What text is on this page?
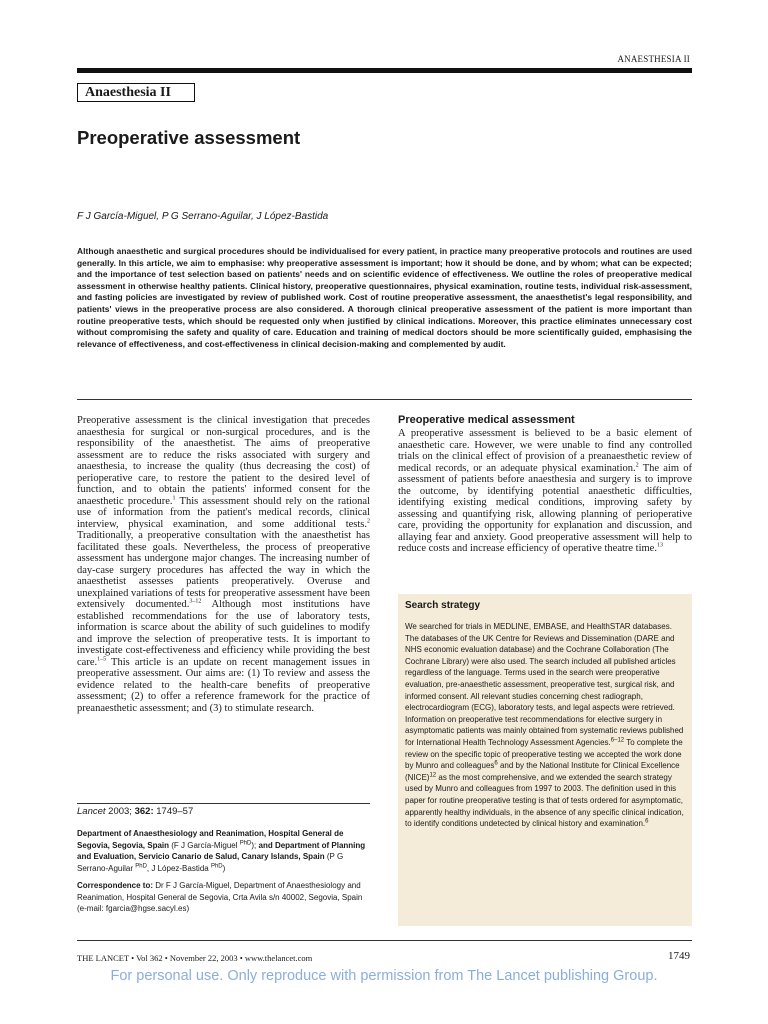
ANAESTHESIA II
Anaesthesia II
Preoperative assessment
F J García-Miguel, P G Serrano-Aguilar, J López-Bastida

Although anaesthetic and surgical procedures should be individualised for every patient, in practice many preoperative protocols and routines are used generally. In this article, we aim to emphasise: why preoperative assessment is important; how it should be done, and by whom; what can be expected; and the importance of test selection based on patients' needs and on scientific evidence of effectiveness. We outline the roles of preoperative medical assessment in otherwise healthy patients. Clinical history, preoperative questionnaires, physical examination, routine tests, individual risk-assessment, and fasting policies are investigated by review of published work. Cost of routine preoperative assessment, the anaesthetist's legal responsibility, and patients' views in the preoperative process are also considered. A thorough clinical preoperative assessment of the patient is more important than routine preoperative tests, which should be requested only when justified by clinical indications. Moreover, this practice eliminates unnecessary cost without compromising the safety and quality of care. Education and training of medical doctors should be more scientifically guided, emphasising the relevance of effectiveness, and cost-effectiveness in clinical decision-making and complemented by audit.

Preoperative assessment is the clinical investigation that precedes anaesthesia for surgical or non-surgical procedures, and is the responsibility of the anaesthetist. The aims of preoperative assessment are to reduce the risks associated with surgery and anaesthesia, to increase the quality (thus decreasing the cost) of perioperative care, to restore the patient to the desired level of function, and to obtain the patients' informed consent for the anaesthetic procedure.$^1$ This assessment should rely on the rational use of information from the patient's medical records, clinical interview, physical examination, and some additional tests.$^2$ Traditionally, a preoperative consultation with the anaesthetist has facilitated these goals. Nevertheless, the process of preoperative assessment has undergone major changes. The increasing number of day-case surgery procedures has affected the way in which the anaesthetist assesses patients preoperatively. Overuse and unexplained variations of tests for preoperative assessment have been extensively documented.$^{3-12}$ Although most institutions have established recommendations for the use of laboratory tests, information is scarce about the ability of such guidelines to modify and improve the selection of preoperative tests. It is important to investigate cost-effectiveness and efficiency while providing the best care.$^{1-5}$ This article is an update on recent management issues in preoperative assessment. Our aims are: (1) To review and assess the evidence related to the health-care benefits of preoperative assessment; (2) to offer a reference framework for the practice of preanaesthetic assessment; and (3) to stimulate research.

Lancet 2003; 362: 1749–57

Department of Anaesthesiology and Reanimation, Hospital General de Segovia, Segovia, Spain (F J García-Miguel $^{PhD}$); and Department of Planning and Evaluation, Servicio Canario de Salud, Canary Islands, Spain (P G Serrano-Aguilar $^{PhD}$, J López-Bastida $^{PhD}$)

Correspondence to: Dr F J García-Miguel, Department of Anaesthesiology and Reanimation, Hospital General de Segovia, Crta Avila s/n 40002, Segovia, Spain
(e-mail: fgarcia@hgse.sacyl.es)

Preoperative medical assessment

A preoperative assessment is believed to be a basic element of anaesthetic care. However, we were unable to find any controlled trials on the clinical effect of provision of a preanaesthetic review of medical records, or an adequate physical examination.$^2$ The aim of assessment of patients before anaesthesia and surgery is to improve the outcome, by identifying potential anaesthetic difficulties, identifying existing medical conditions, improving safety by assessing and quantifying risk, allowing planning of perioperative care, providing the opportunity for explanation and discussion, and allaying fear and anxiety. Good preoperative assessment will help to reduce costs and increase efficiency of operative theatre time.$^{13}$

Search strategy

We searched for trials in MEDLINE, EMBASE, and HealthSTAR databases. The databases of the UK Centre for Reviews and Dissemination (DARE and NHS economic evaluation database) and the Cochrane Collaboration (The Cochrane Library) were also used. The search included all published articles regardless of the language. Terms used in the search were preoperative evaluation, pre-anaesthetic assessment, preoperative test, surgical risk, and informed consent. All relevant studies concerning chest radiograph, electrocardiogram (ECG), laboratory tests, and legal aspects were retrieved. Information on preoperative test recommendations for elective surgery in asymptomatic patients was mainly obtained from systematic reviews published for International Health Technology Assessment Agencies.$^{6-12}$ To complete the review on the specific topic of preoperative testing we accepted the work done by Munro and colleagues$^6$ and by the National Institute for Clinical Excellence (NICE)$^{12}$ as the most comprehensive, and we extended the search strategy used by Munro and colleagues from 1997 to 2003. The definition used in this paper for routine preoperative testing is that of tests ordered for asymptomatic, apparently healthy individuals, in the absence of any specific clinical indication, to identify conditions undetected by clinical history and examination.$^6$

THE LANCET • Vol 362 • November 22, 2003 • www.thelancet.com	1749
For personal use. Only reproduce with permission from The Lancet publishing Group.
